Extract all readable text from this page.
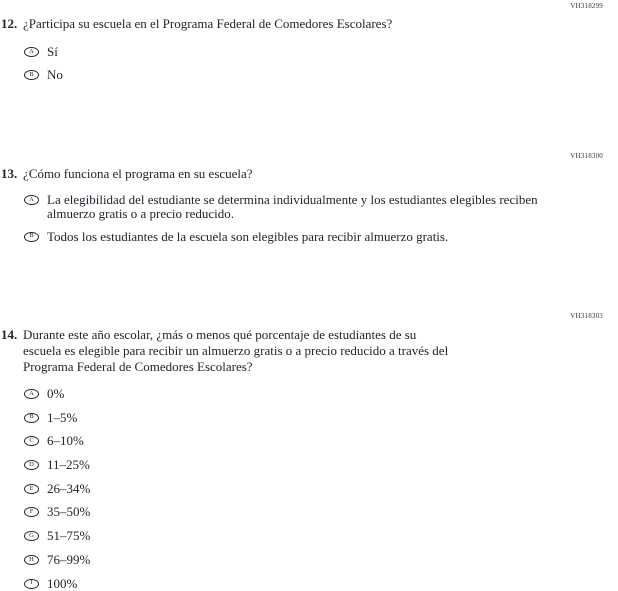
VH318299
12. ¿Participa su escuela en el Programa Federal de Comedores Escolares?
A	Sí
B	No
VH318300
13. ¿Cómo funciona el programa en su escuela?
A	La elegibilidad del estudiante se determina individualmente y los estudiantes elegibles reciben
almuerzo gratis o a precio reducido.
B	Todos los estudiantes de la escuela son elegibles para recibir almuerzo gratis.
VH318303
14. Durante este año escolar, ¿más o menos qué porcentaje de estudiantes de su
escuela es elegible para recibir un almuerzo gratis o a precio reducido a través del
Programa Federal de Comedores Escolares?
A	0%
B	1–5%
C	6–10%
D	11–25%
E	26–34%
F	35–50%
G	51–75%
H	76–99%
I	100%
